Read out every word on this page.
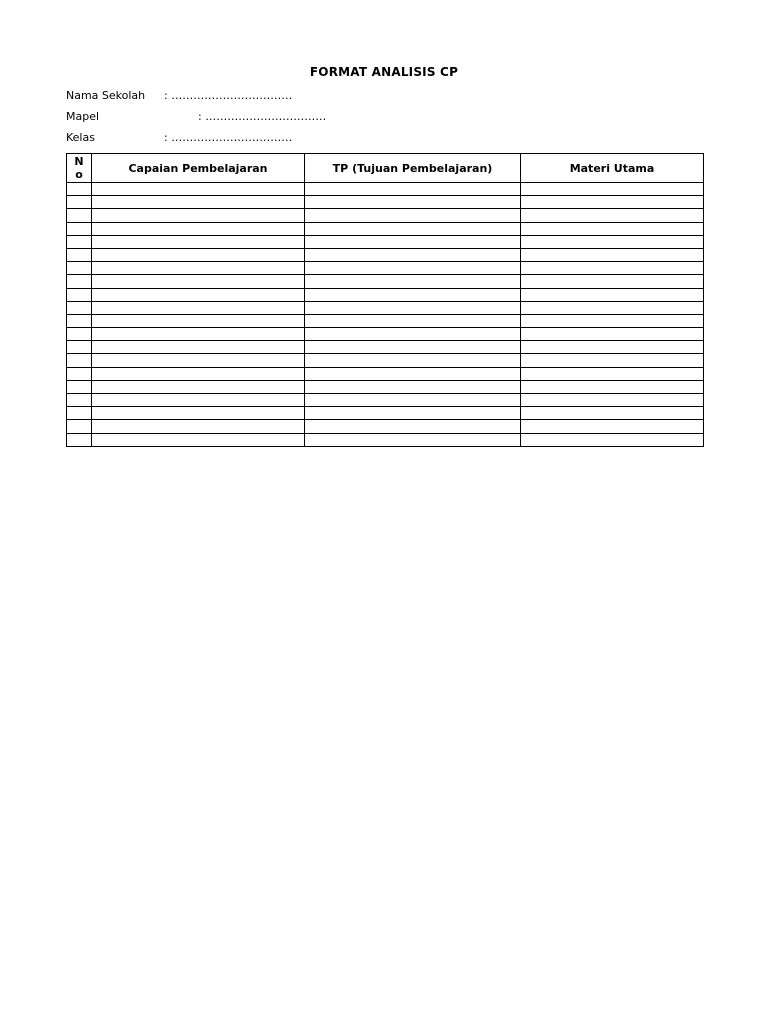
FORMAT ANALISIS CP
Nama Sekolah : ……………………………
Mapel	: ……………………………
Kelas	: ……………………………
N
o	Capaian Pembelajaran	TP (Tujuan Pembelajaran)	Materi Utama
